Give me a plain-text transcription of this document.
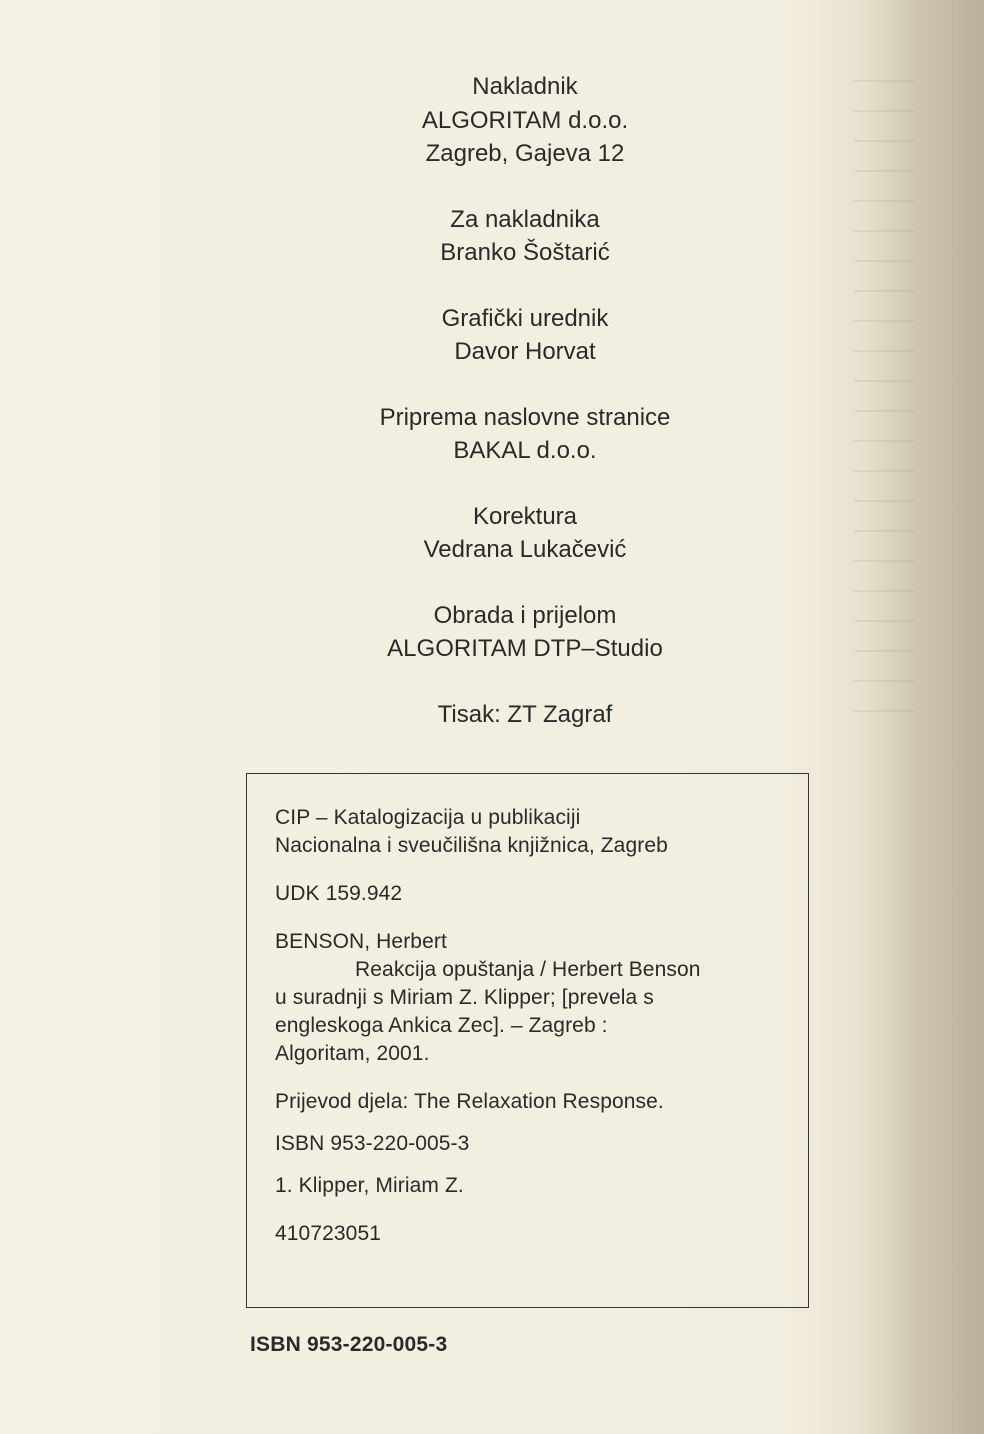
Nakladnik
ALGORITAM d.o.o.
Zagreb, Gajeva 12
Za nakladnika
Branko Šoštarić
Grafički urednik
Davor Horvat
Priprema naslovne stranice
BAKAL d.o.o.
Korektura
Vedrana Lukačević
Obrada i prijelom
ALGORITAM DTP–Studio
Tisak: ZT Zagraf
CIP – Katalogizacija u publikaciji
Nacionalna i sveučilišna knjižnica, Zagreb
UDK 159.942
BENSON, Herbert
Reakcija opuštanja / Herbert Benson
u suradnji s Miriam Z. Klipper; [prevela s
engleskoga Ankica Zec]. – Zagreb :
Algoritam, 2001.
Prijevod djela: The Relaxation Response.
ISBN 953-220-005-3
1. Klipper, Miriam Z.
410723051
ISBN 953-220-005-3
